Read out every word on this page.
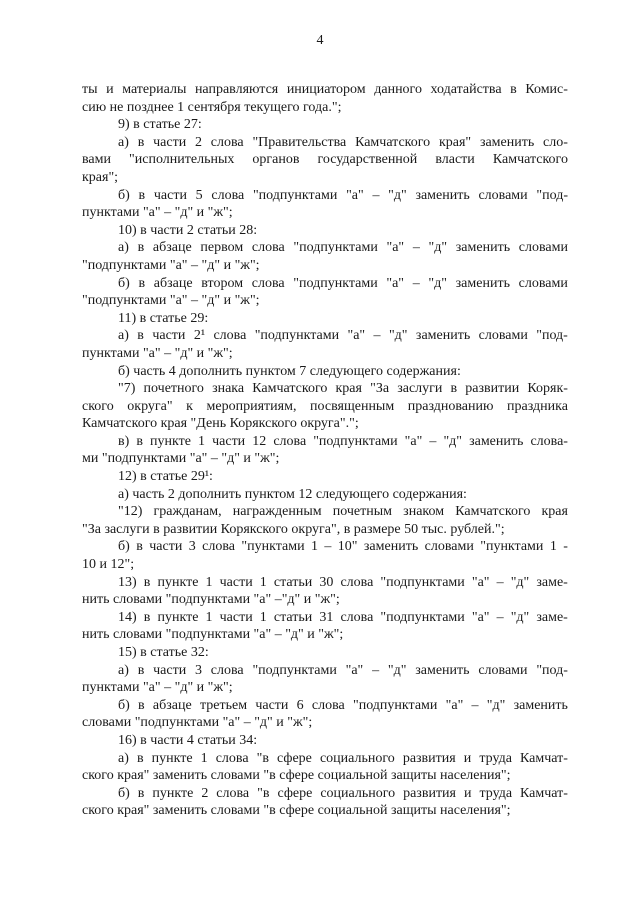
4
ты и материалы направляются инициатором данного ходатайства в Комис-
сию не позднее 1 сентября текущего года.";
9) в статье 27:
а) в части 2 слова "Правительства Камчатского края" заменить сло-
вами "исполнительных органов государственной власти Камчатского
края";
б) в части 5 слова "подпунктами "а" – "д" заменить словами "под-
пунктами "а" – "д" и "ж";
10) в части 2 статьи 28:
а) в абзаце первом слова "подпунктами "а" – "д" заменить словами
"подпунктами "а" – "д" и "ж";
б) в абзаце втором слова "подпунктами "а" – "д" заменить словами
"подпунктами "а" – "д" и "ж";
11) в статье 29:
а) в части 2¹ слова "подпунктами "а" – "д" заменить словами "под-
пунктами "а" – "д" и "ж";
б) часть 4 дополнить пунктом 7 следующего содержания:
"7) почетного знака Камчатского края "За заслуги в развитии Коряк-
ского округа" к мероприятиям, посвященным празднованию праздника
Камчатского края "День Корякского округа".";
в) в пункте 1 части 12 слова "подпунктами "а" – "д" заменить слова-
ми "подпунктами "а" – "д" и "ж";
12) в статье 29¹:
а) часть 2 дополнить пунктом 12 следующего содержания:
"12) гражданам, награжденным почетным знаком Камчатского края
"За заслуги в развитии Корякского округа", в размере 50 тыс. рублей.";
б) в части 3 слова "пунктами 1 – 10" заменить словами "пунктами 1 -
10 и 12";
13) в пункте 1 части 1 статьи 30 слова "подпунктами "а" – "д" заме-
нить словами "подпунктами "а" –"д" и "ж";
14) в пункте 1 части 1 статьи 31 слова "подпунктами "а" – "д" заме-
нить словами "подпунктами "а" – "д" и "ж";
15) в статье 32:
а) в части 3 слова "подпунктами "а" – "д" заменить словами "под-
пунктами "а" – "д" и "ж";
б) в абзаце третьем части 6 слова "подпунктами "а" – "д" заменить
словами "подпунктами "а" – "д" и "ж";
16) в части 4 статьи 34:
а) в пункте 1 слова "в сфере социального развития и труда Камчат-
ского края" заменить словами "в сфере социальной защиты населения";
б) в пункте 2 слова "в сфере социального развития и труда Камчат-
ского края" заменить словами "в сфере социальной защиты населения";
